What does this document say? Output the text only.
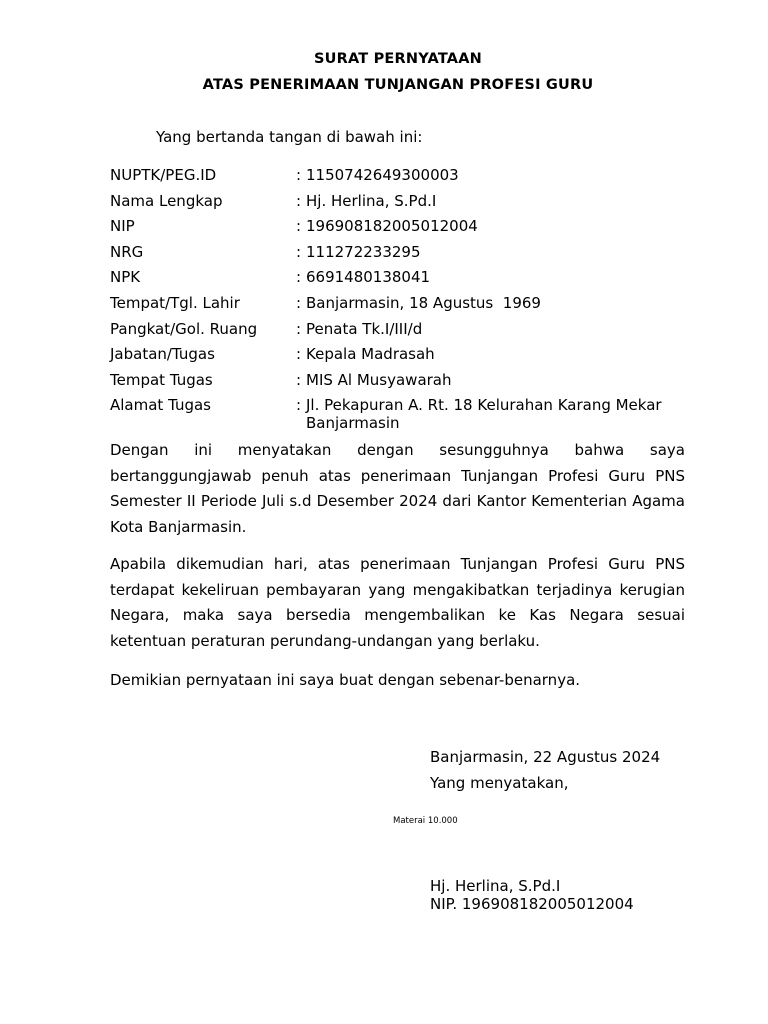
SURAT PERNYATAAN
ATAS PENERIMAAN TUNJANGAN PROFESI GURU
Yang bertanda tangan di bawah ini:
NUPTK/PEG.ID	: 1150742649300003
Nama Lengkap	: Hj. Herlina, S.Pd.I
NIP	: 196908182005012004
NRG	: 111272233295
NPK	: 6691480138041
Tempat/Tgl. Lahir	: Banjarmasin, 18 Agustus  1969
Pangkat/Gol. Ruang	: Penata Tk.I/III/d
Jabatan/Tugas	: Kepala Madrasah
Tempat Tugas	: MIS Al Musyawarah
Alamat Tugas	: Jl. Pekapuran A. Rt. 18 Kelurahan Karang Mekar
Banjarmasin
Dengan ini menyatakan dengan sesungguhnya bahwa saya bertanggungjawab penuh atas penerimaan Tunjangan Profesi Guru PNS Semester II Periode Juli s.d Desember 2024 dari Kantor Kementerian Agama Kota Banjarmasin.
Apabila dikemudian hari, atas penerimaan Tunjangan Profesi Guru PNS terdapat kekeliruan pembayaran yang mengakibatkan terjadinya kerugian Negara, maka saya bersedia mengembalikan ke Kas Negara sesuai ketentuan peraturan perundang-undangan yang berlaku.
Demikian pernyataan ini saya buat dengan sebenar-benarnya.
Banjarmasin, 22 Agustus 2024
Yang menyatakan,
Materai 10.000
Hj. Herlina, S.Pd.I
NIP. 196908182005012004
